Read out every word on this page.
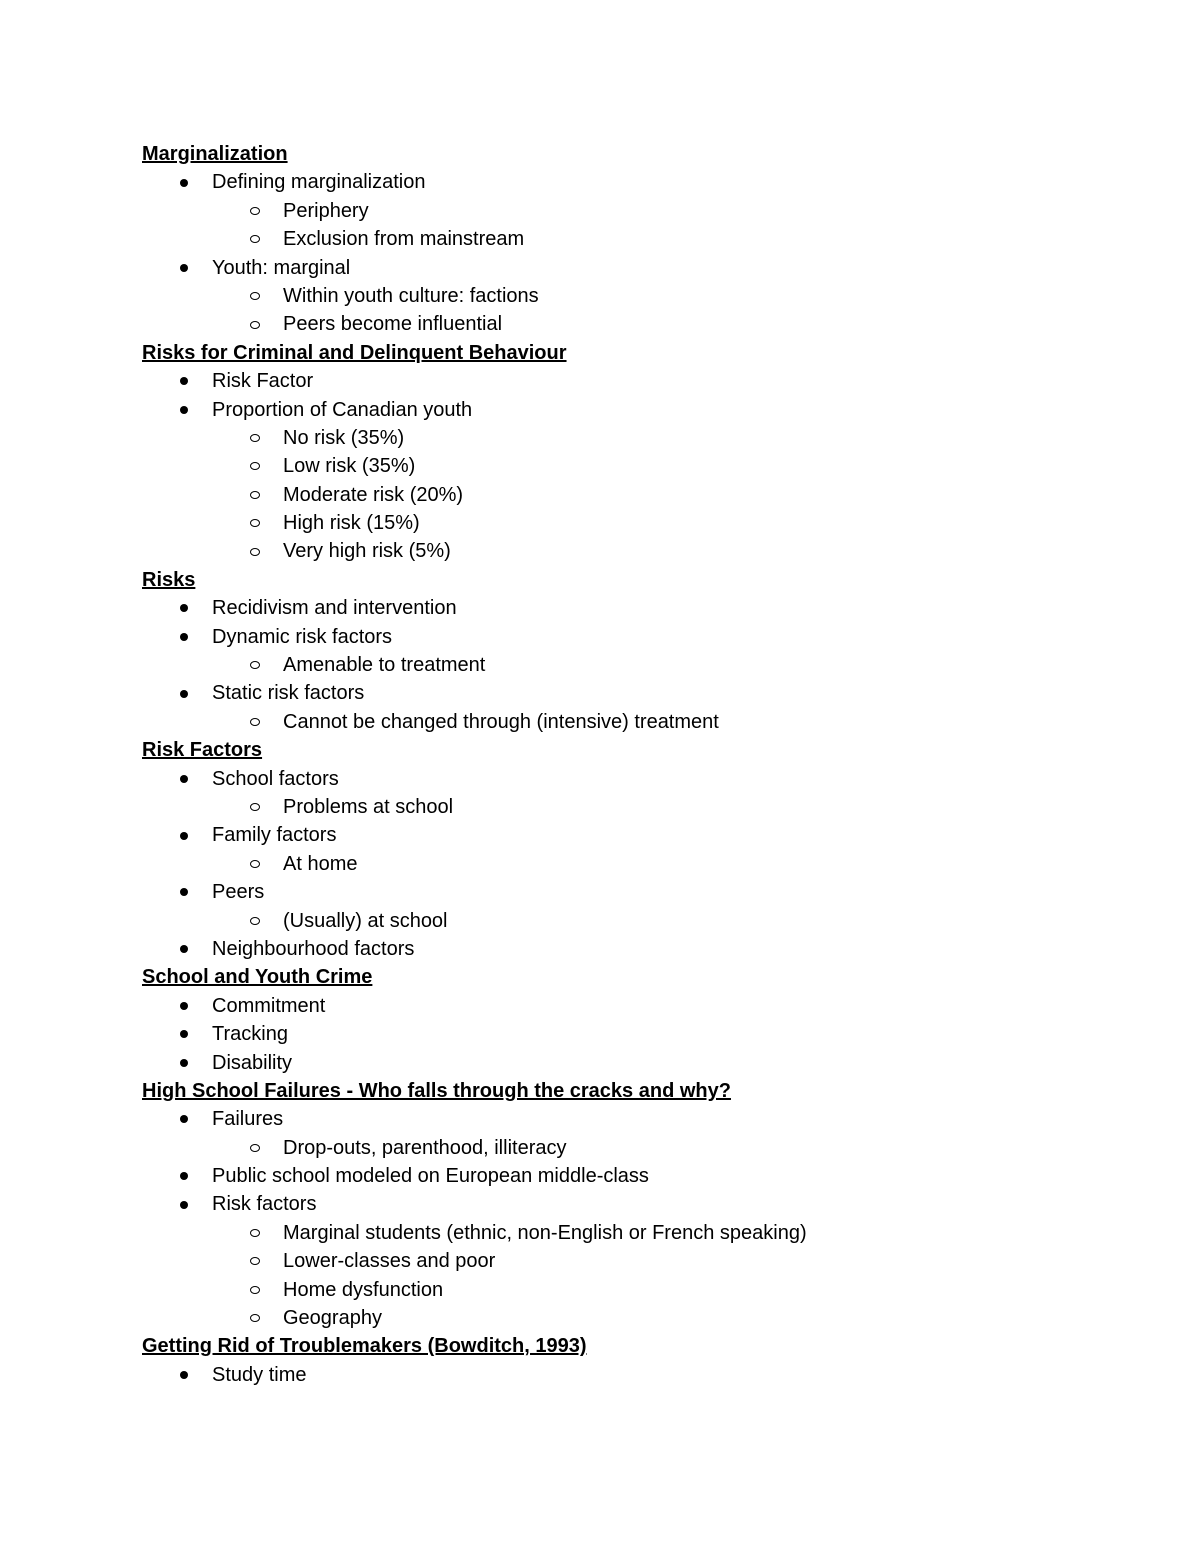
Marginalization
Defining marginalization
Periphery
Exclusion from mainstream
Youth: marginal
Within youth culture: factions
Peers become influential
Risks for Criminal and Delinquent Behaviour
Risk Factor
Proportion of Canadian youth
No risk (35%)
Low risk (35%)
Moderate risk (20%)
High risk (15%)
Very high risk (5%)
Risks
Recidivism and intervention
Dynamic risk factors
Amenable to treatment
Static risk factors
Cannot be changed through (intensive) treatment
Risk Factors
School factors
Problems at school
Family factors
At home
Peers
(Usually) at school
Neighbourhood factors
School and Youth Crime
Commitment
Tracking
Disability
High School Failures - Who falls through the cracks and why?
Failures
Drop-outs, parenthood, illiteracy
Public school modeled on European middle-class
Risk factors
Marginal students (ethnic, non-English or French speaking)
Lower-classes and poor
Home dysfunction
Geography
Getting Rid of Troublemakers (Bowditch, 1993)
Study time
